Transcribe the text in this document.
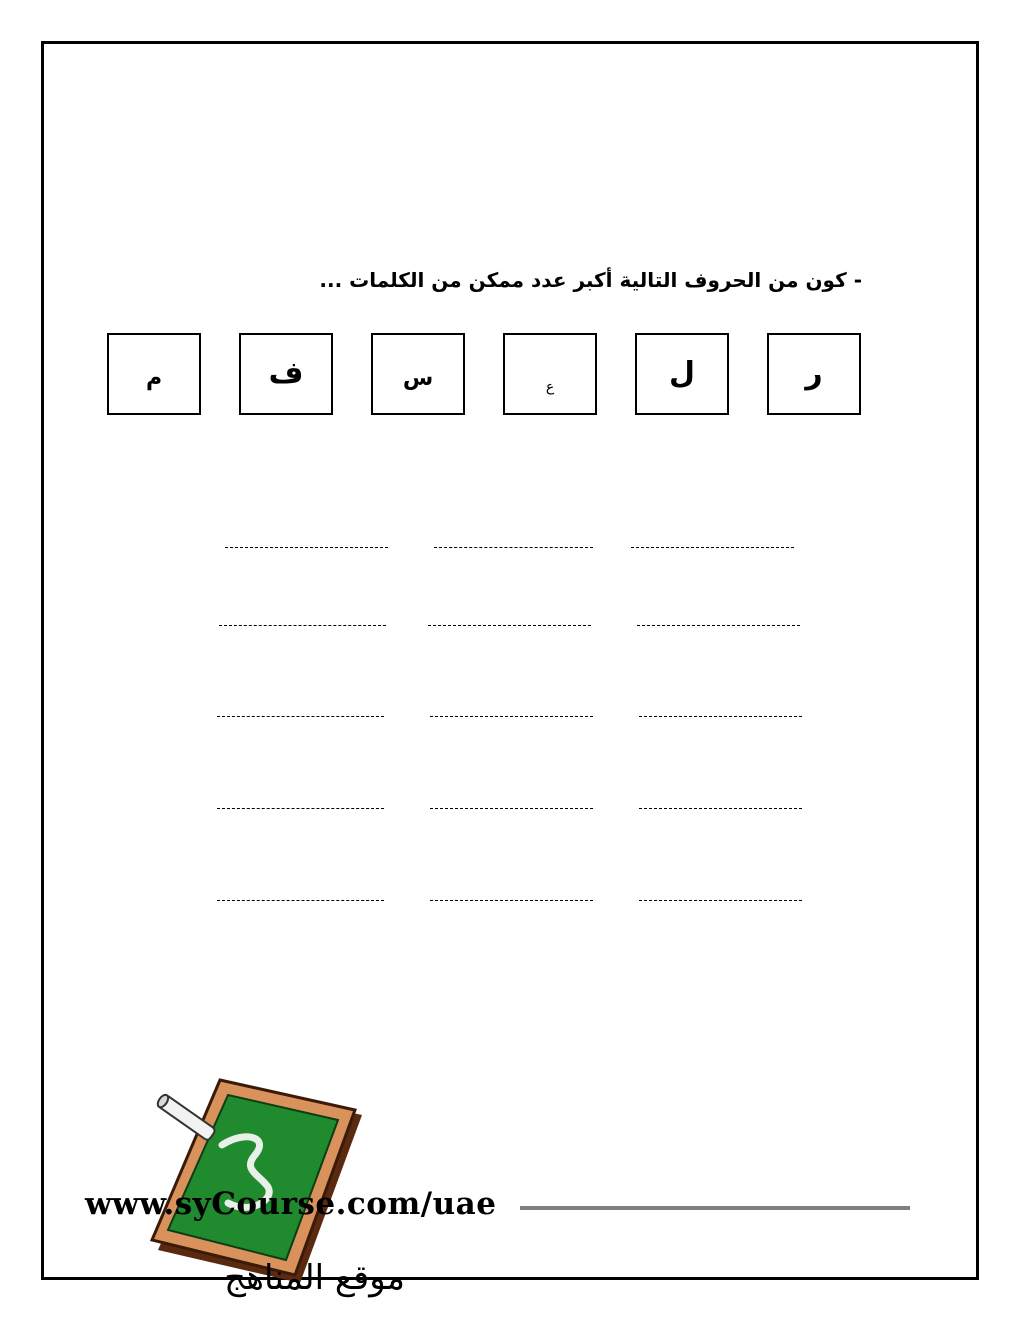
- كون من الحروف التالية أكبر عدد ممكن من الكلمات ...
ر
ل
ع
س
ف
م
www.syCourse.com/uae
موقع المناهج
